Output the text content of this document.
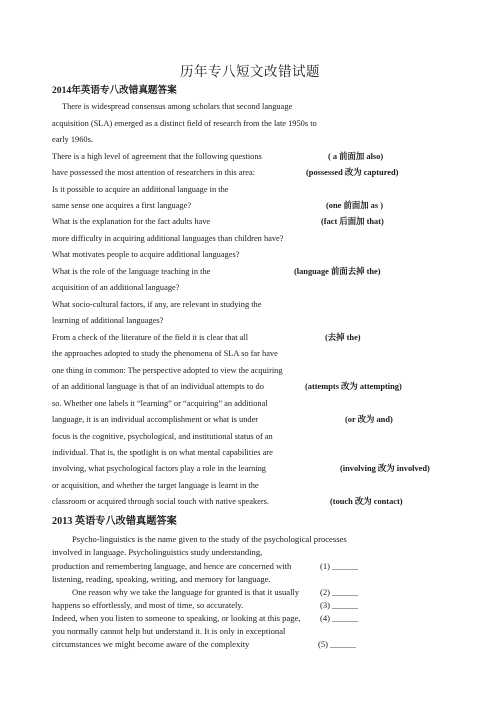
历年专八短文改错试题
2014年英语专八改错真题答案
There is widespread consensus among scholars that second language
acquisition (SLA) emerged as a distinct field of research from the late 1950s to
early 1960s.
There is a high level of agreement that the following questions
have possessed the most attention of researchers in this area:
Is it possible to acquire an additional language in the
same sense one acquires a first language?
What is the explanation for the fact adults have
more difficulty in acquiring additional languages than children have?
What motivates people to acquire additional languages?
What is the role of the language teaching in the
acquisition of an additional language?
What socio-cultural factors, if any, are relevant in studying the
learning of additional languages?
From a check of the literature of the field it is clear that all
the approaches adopted to study the phenomena of SLA so far have
one thing in common: The perspective adopted to view the acquiring
of an additional language is that of an individual attempts to do
so. Whether one labels it “learning” or “acquiring” an additional
language, it is an individual accomplishment or what is under
focus is the cognitive, psychological, and institutional status of an
individual. That is, the spotlight is on what mental capabilities are
involving, what psychological factors play a role in the learning
or acquisition, and whether the target language is learnt in the
classroom or acquired through social touch with native speakers.
( a 前面加 also)
(possessed 改为 captured)
(one 前面加 as )
(fact 后面加 that)
(language 前面去掉 the)
(去掉 the)
(attempts 改为 attempting)
(or 改为 and)
(involving 改为 involved)
(touch 改为 contact)
2013 英语专八改错真题答案
Psycho-linguistics is the name given to the study of the psychological processes
involved in language. Psycholinguistics study understanding,
production and remembering language, and hence are concerned with
listening, reading, speaking, writing, and memory for language.
One reason why we take the language for granted is that it usually
happens so effortlessly, and most of time, so accurately.
Indeed, when you listen to someone to speaking, or looking at this page,
you normally cannot help but understand it. It is only in exceptional
circumstances we might become aware of the complexity
(1) ______
(2) ______
(3) ______
(4) ______
(5) ______
